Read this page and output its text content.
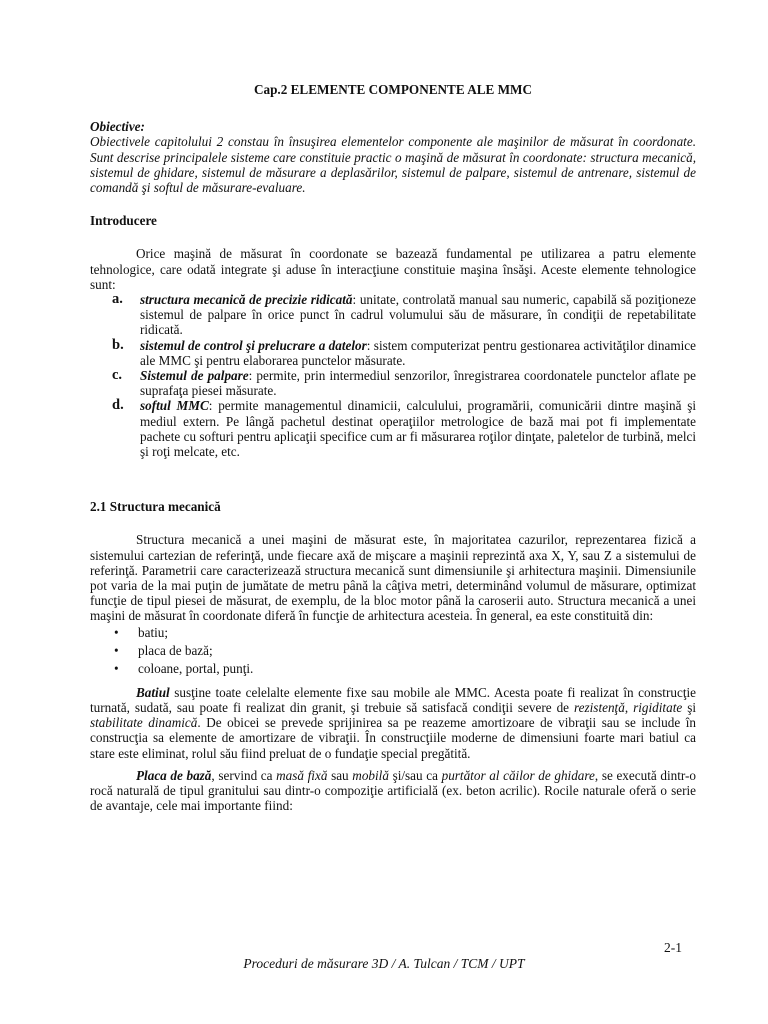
Cap.2 ELEMENTE COMPONENTE ALE MMC
Obiective:

Obiectivele capitolului 2 constau în însuşirea elementelor componente ale maşinilor de măsurat în coordonate. Sunt descrise principalele sisteme care constituie practic o maşină de măsurat în coordonate: structura mecanică, sistemul de ghidare, sistemul de măsurare a deplasărilor, sistemul de palpare, sistemul de antrenare, sistemul de comandă şi softul de măsurare-evaluare.

Introducere

Orice maşină de măsurat în coordonate se bazează fundamental pe utilizarea a patru elemente tehnologice, care odată integrate şi aduse în interacţiune constituie maşina însăşi. Aceste elemente tehnologice sunt:

a. structura mecanică de precizie ridicată: unitate, controlată manual sau numeric, capabilă să poziţioneze sistemul de palpare în orice punct în cadrul volumului său de măsurare, în condiţii de repetabilitate ridicată.
b. sistemul de control şi prelucrare a datelor: sistem computerizat pentru gestionarea activităţilor dinamice ale MMC şi pentru elaborarea punctelor măsurate.
c. Sistemul de palpare: permite, prin intermediul senzorilor, înregistrarea coordonatele punctelor aflate pe suprafaţa piesei măsurate.
d. softul MMC: permite managementul dinamicii, calculului, programării, comunicării dintre maşină şi mediul extern. Pe lângă pachetul destinat operaţiilor metrologice de bază mai pot fi implementate pachete cu softuri pentru aplicaţii specifice cum ar fi măsurarea roţilor dinţate, paletelor de turbină, melci şi roţi melcate, etc.
2.1 Structura mecanică

Structura mecanică a unei maşini de măsurat este, în majoritatea cazurilor, reprezentarea fizică a sistemului cartezian de referinţă, unde fiecare axă de mişcare a maşinii reprezintă axa X, Y, sau Z a sistemului de referinţă. Parametrii care caracterizează structura mecanică sunt dimensiunile şi arhitectura maşinii. Dimensiunile pot varia de la mai puţin de jumătate de metru până la câţiva metri, determinând volumul de măsurare, optimizat funcţie de tipul piesei de măsurat, de exemplu, de la bloc motor până la caroserii auto. Structura mecanică a unei maşini de măsurat în coordonate diferă în funcţie de arhitectura acesteia. În general, ea este constituită din:

• batiu;
• placa de bază;
• coloane, portal, punţi.

Batiul susţine toate celelalte elemente fixe sau mobile ale MMC. Acesta poate fi realizat în construcţie turnată, sudată, sau poate fi realizat din granit, şi trebuie să satisfacă condiţii severe de rezistenţă, rigiditate şi stabilitate dinamică. De obicei se prevede sprijinirea sa pe reazeme amortizoare de vibraţii sau se include în construcţia sa elemente de amortizare de vibraţii. În construcţiile moderne de dimensiuni foarte mari batiul ca stare este eliminat, rolul său fiind preluat de o fundaţie special pregătită.

Placa de bază, servind ca masă fixă sau mobilă şi/sau ca purtător al căilor de ghidare, se execută dintr-o rocă naturală de tipul granitului sau dintr-o compoziţie artificială (ex. beton acrilic). Rocile naturale oferă o serie de avantaje, cele mai importante fiind:

2-1
Proceduri de măsurare 3D / A. Tulcan / TCM / UPT
